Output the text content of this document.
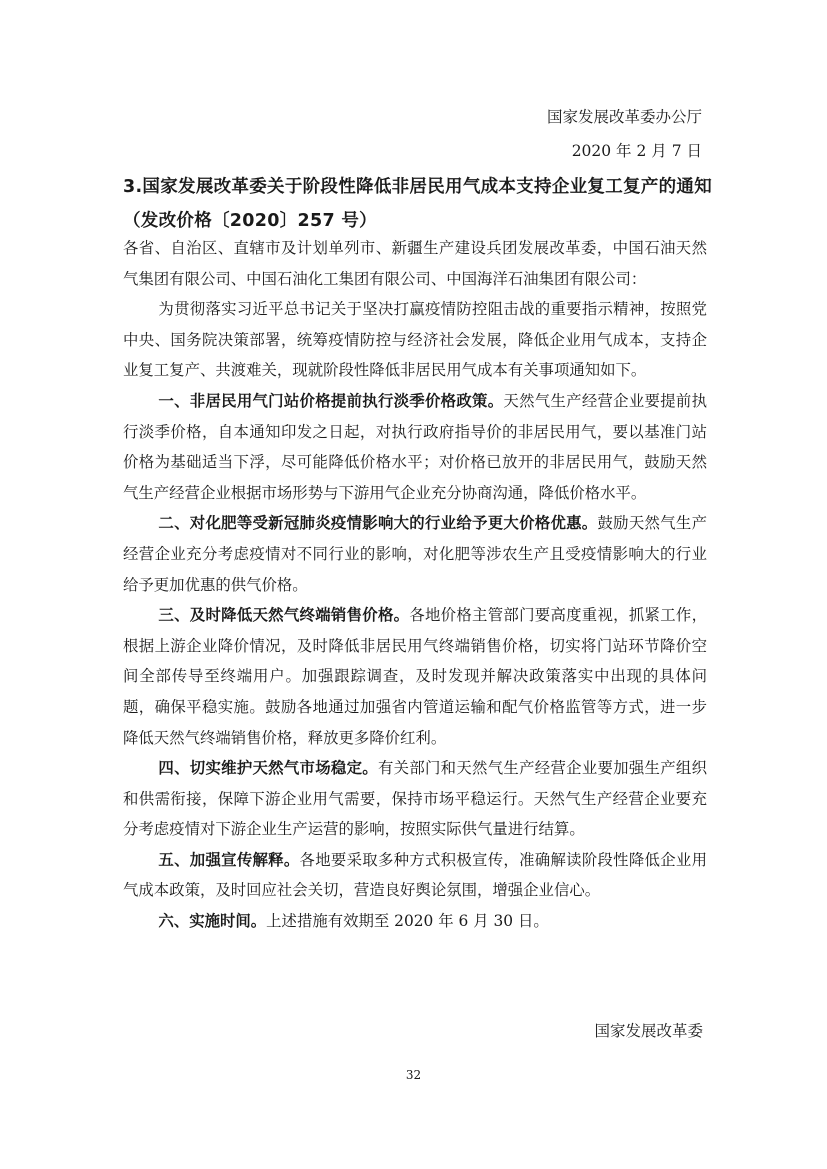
国家发展改革委办公厅
2020 年 2 月 7 日
3.国家发展改革委关于阶段性降低非居民用气成本支持企业复工复产的通知（发改价格〔2020〕257 号）

各省、自治区、直辖市及计划单列市、新疆生产建设兵团发展改革委，中国石油天然气集团有限公司、中国石油化工集团有限公司、中国海洋石油集团有限公司：

为贯彻落实习近平总书记关于坚决打赢疫情防控阻击战的重要指示精神，按照党中央、国务院决策部署，统筹疫情防控与经济社会发展，降低企业用气成本，支持企业复工复产、共渡难关，现就阶段性降低非居民用气成本有关事项通知如下。

一、非居民用气门站价格提前执行淡季价格政策。天然气生产经营企业要提前执行淡季价格，自本通知印发之日起，对执行政府指导价的非居民用气，要以基准门站价格为基础适当下浮，尽可能降低价格水平；对价格已放开的非居民用气，鼓励天然气生产经营企业根据市场形势与下游用气企业充分协商沟通，降低价格水平。

二、对化肥等受新冠肺炎疫情影响大的行业给予更大价格优惠。鼓励天然气生产经营企业充分考虑疫情对不同行业的影响，对化肥等涉农生产且受疫情影响大的行业给予更加优惠的供气价格。

三、及时降低天然气终端销售价格。各地价格主管部门要高度重视，抓紧工作，根据上游企业降价情况，及时降低非居民用气终端销售价格，切实将门站环节降价空间全部传导至终端用户。加强跟踪调查，及时发现并解决政策落实中出现的具体问题，确保平稳实施。鼓励各地通过加强省内管道运输和配气价格监管等方式，进一步降低天然气终端销售价格，释放更多降价红利。

四、切实维护天然气市场稳定。有关部门和天然气生产经营企业要加强生产组织和供需衔接，保障下游企业用气需要，保持市场平稳运行。天然气生产经营企业要充分考虑疫情对下游企业生产运营的影响，按照实际供气量进行结算。

五、加强宣传解释。各地要采取多种方式积极宣传，准确解读阶段性降低企业用气成本政策，及时回应社会关切，营造良好舆论氛围，增强企业信心。

六、实施时间。上述措施有效期至 2020 年 6 月 30 日。

国家发展改革委
32
